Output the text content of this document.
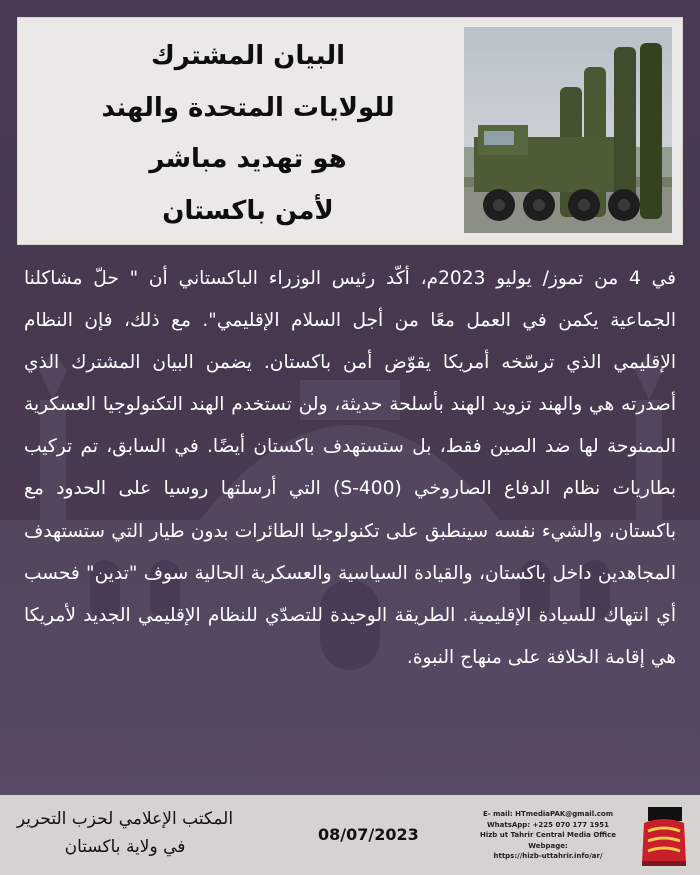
البيان المشترك
للولايات المتحدة والهند
هو تهديد مباشر
لأمن باكستان

في 4 من تموز/ يوليو 2023م، أكّد رئيس الوزراء الباكستاني أن " حلّ مشاكلنا الجماعية يكمن في العمل معًا من أجل السلام الإقليمي". مع ذلك، فإن النظام الإقليمي الذي ترسّخه أمريكا يقوّض أمن باكستان. يضمن البيان المشترك الذي أصدرته هي والهند تزويد الهند بأسلحة حديثة، ولن تستخدم الهند التكنولوجيا العسكرية الممنوحة لها ضد الصين فقط، بل ستستهدف باكستان أيضًا. في السابق، تم تركيب بطاريات نظام الدفاع الصاروخي (S-400) التي أرسلتها روسيا على الحدود مع باكستان، والشيء نفسه سينطبق على تكنولوجيا الطائرات بدون طيار التي ستستهدف المجاهدين داخل باكستان، والقيادة السياسية والعسكرية الحالية سوف "تدين" فحسب أي انتهاك للسيادة الإقليمية. الطريقة الوحيدة للتصدّي للنظام الإقليمي الجديد لأمريكا هي إقامة الخلافة على منهاج النبوة.

المكتب الإعلامي لحزب التحرير
في ولاية باكستان
08/07/2023
E- mail: HTmediaPAK@gmail.com
WhatsApp: +225 070 177 1951
Hizb ut Tahrir Central Media Office Webpage:
https://hizb-uttahrir.info/ar/
